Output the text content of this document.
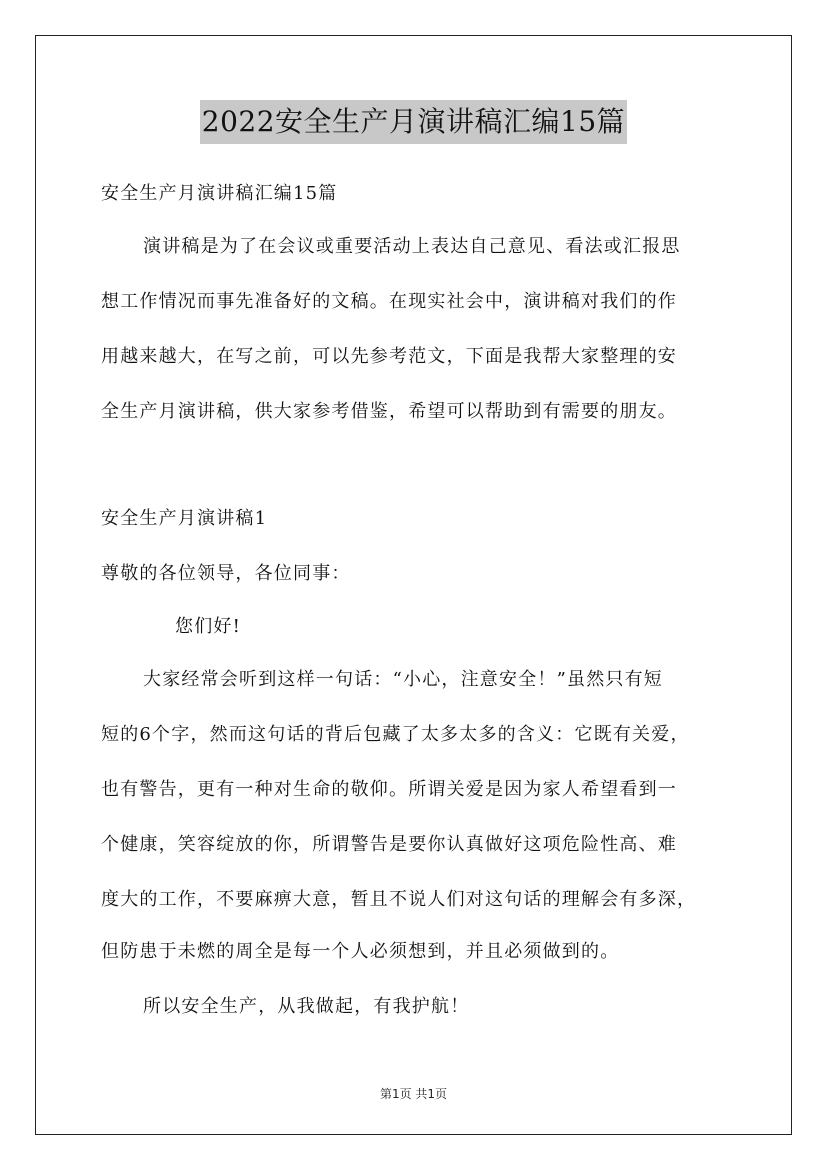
2022安全生产月演讲稿汇编15篇
安全生产月演讲稿汇编15篇
演讲稿是为了在会议或重要活动上表达自己意见、看法或汇报思
想工作情况而事先准备好的文稿。在现实社会中，演讲稿对我们的作
用越来越大，在写之前，可以先参考范文，下面是我帮大家整理的安
全生产月演讲稿，供大家参考借鉴，希望可以帮助到有需要的朋友。
安全生产月演讲稿1
尊敬的各位领导，各位同事：
您们好!
大家经常会听到这样一句话：“小心，注意安全！”虽然只有短
短的6个字，然而这句话的背后包藏了太多太多的含义：它既有关爱，
也有警告，更有一种对生命的敬仰。所谓关爱是因为家人希望看到一
个健康，笑容绽放的你，所谓警告是要你认真做好这项危险性高、难
度大的工作，不要麻痹大意，暂且不说人们对这句话的理解会有多深，
但防患于未燃的周全是每一个人必须想到，并且必须做到的。
所以安全生产，从我做起，有我护航！
第1页 共1页
